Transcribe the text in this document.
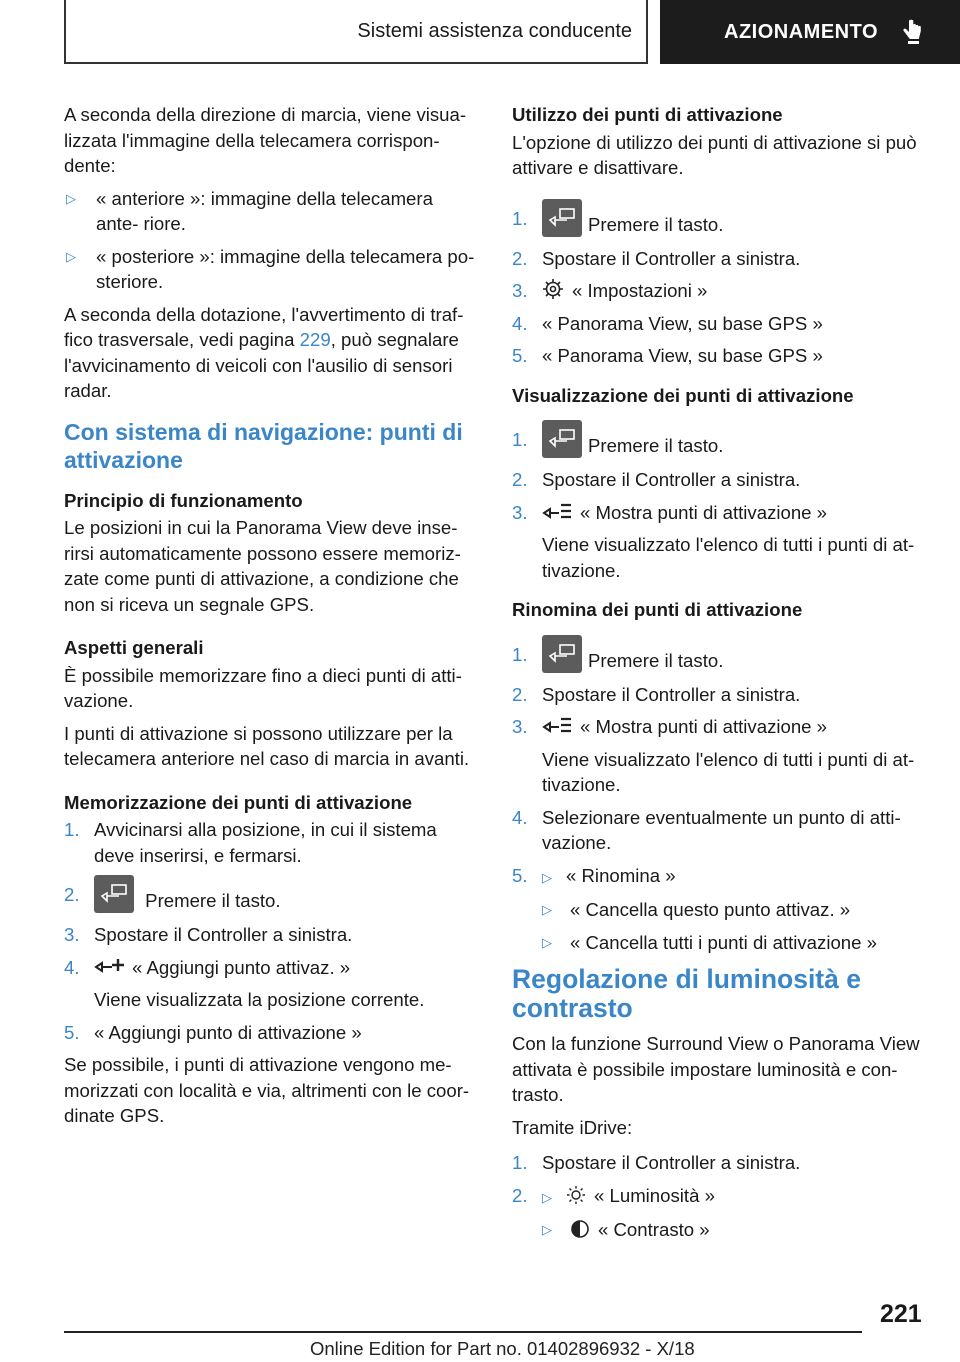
Sistemi assistenza conducente	AZIONAMENTO

A seconda della direzione di marcia, viene visua- lizzata l'immagine della telecamera corrispon- dente:

▷	« anteriore »: immagine della telecamera ante- riore.
▷	« posteriore »: immagine della telecamera po- steriore.

A seconda della dotazione, l'avvertimento di traf- fico trasversale, vedi pagina 229, può segnalare l'avvicinamento di veicoli con l'ausilio di sensori radar.

Con sistema di navigazione: punti di attivazione
Principio di funzionamento

Le posizioni in cui la Panorama View deve inse- rirsi automaticamente possono essere memoriz- zate come punti di attivazione, a condizione che non si riceva un segnale GPS.

Aspetti generali

È possibile memorizzare fino a dieci punti di atti- vazione.

I punti di attivazione si possono utilizzare per la telecamera anteriore nel caso di marcia in avanti.

Memorizzazione dei punti di attivazione
1. Avvicinarsi alla posizione, in cui il sistema deve inserirsi, e fermarsi.
2.	Premere il tasto.
3. Spostare il Controller a sinistra.
4.	« Aggiungi punto attivaz. »
Viene visualizzata la posizione corrente.
5. « Aggiungi punto di attivazione »

Se possibile, i punti di attivazione vengono me- morizzati con località e via, altrimenti con le coor- dinate GPS.

Utilizzo dei punti di attivazione

L'opzione di utilizzo dei punti di attivazione si può attivare e disattivare.

1.	Premere il tasto.
2. Spostare il Controller a sinistra.
3.	« Impostazioni »
4. « Panorama View, su base GPS »
5. « Panorama View, su base GPS »
Visualizzazione dei punti di attivazione
1.	Premere il tasto.
2. Spostare il Controller a sinistra.
3.	« Mostra punti di attivazione »
Viene visualizzato l'elenco di tutti i punti di at- tivazione.
Rinomina dei punti di attivazione
1.	Premere il tasto.
2. Spostare il Controller a sinistra.
3.	« Mostra punti di attivazione »
Viene visualizzato l'elenco di tutti i punti di at- tivazione.
4. Selezionare eventualmente un punto di atti- vazione.
5.	▷ « Rinomina »
▷ « Cancella questo punto attivaz. »
▷ « Cancella tutti i punti di attivazione »
Regolazione di luminosità e contrasto

Con la funzione Surround View o Panorama View attivata è possibile impostare luminosità e con- trasto.

Tramite iDrive:

1. Spostare il Controller a sinistra.
2.	▷ « Luminosità »
▷	« Contrasto »
221
Online Edition for Part no. 01402896932 - X/18
